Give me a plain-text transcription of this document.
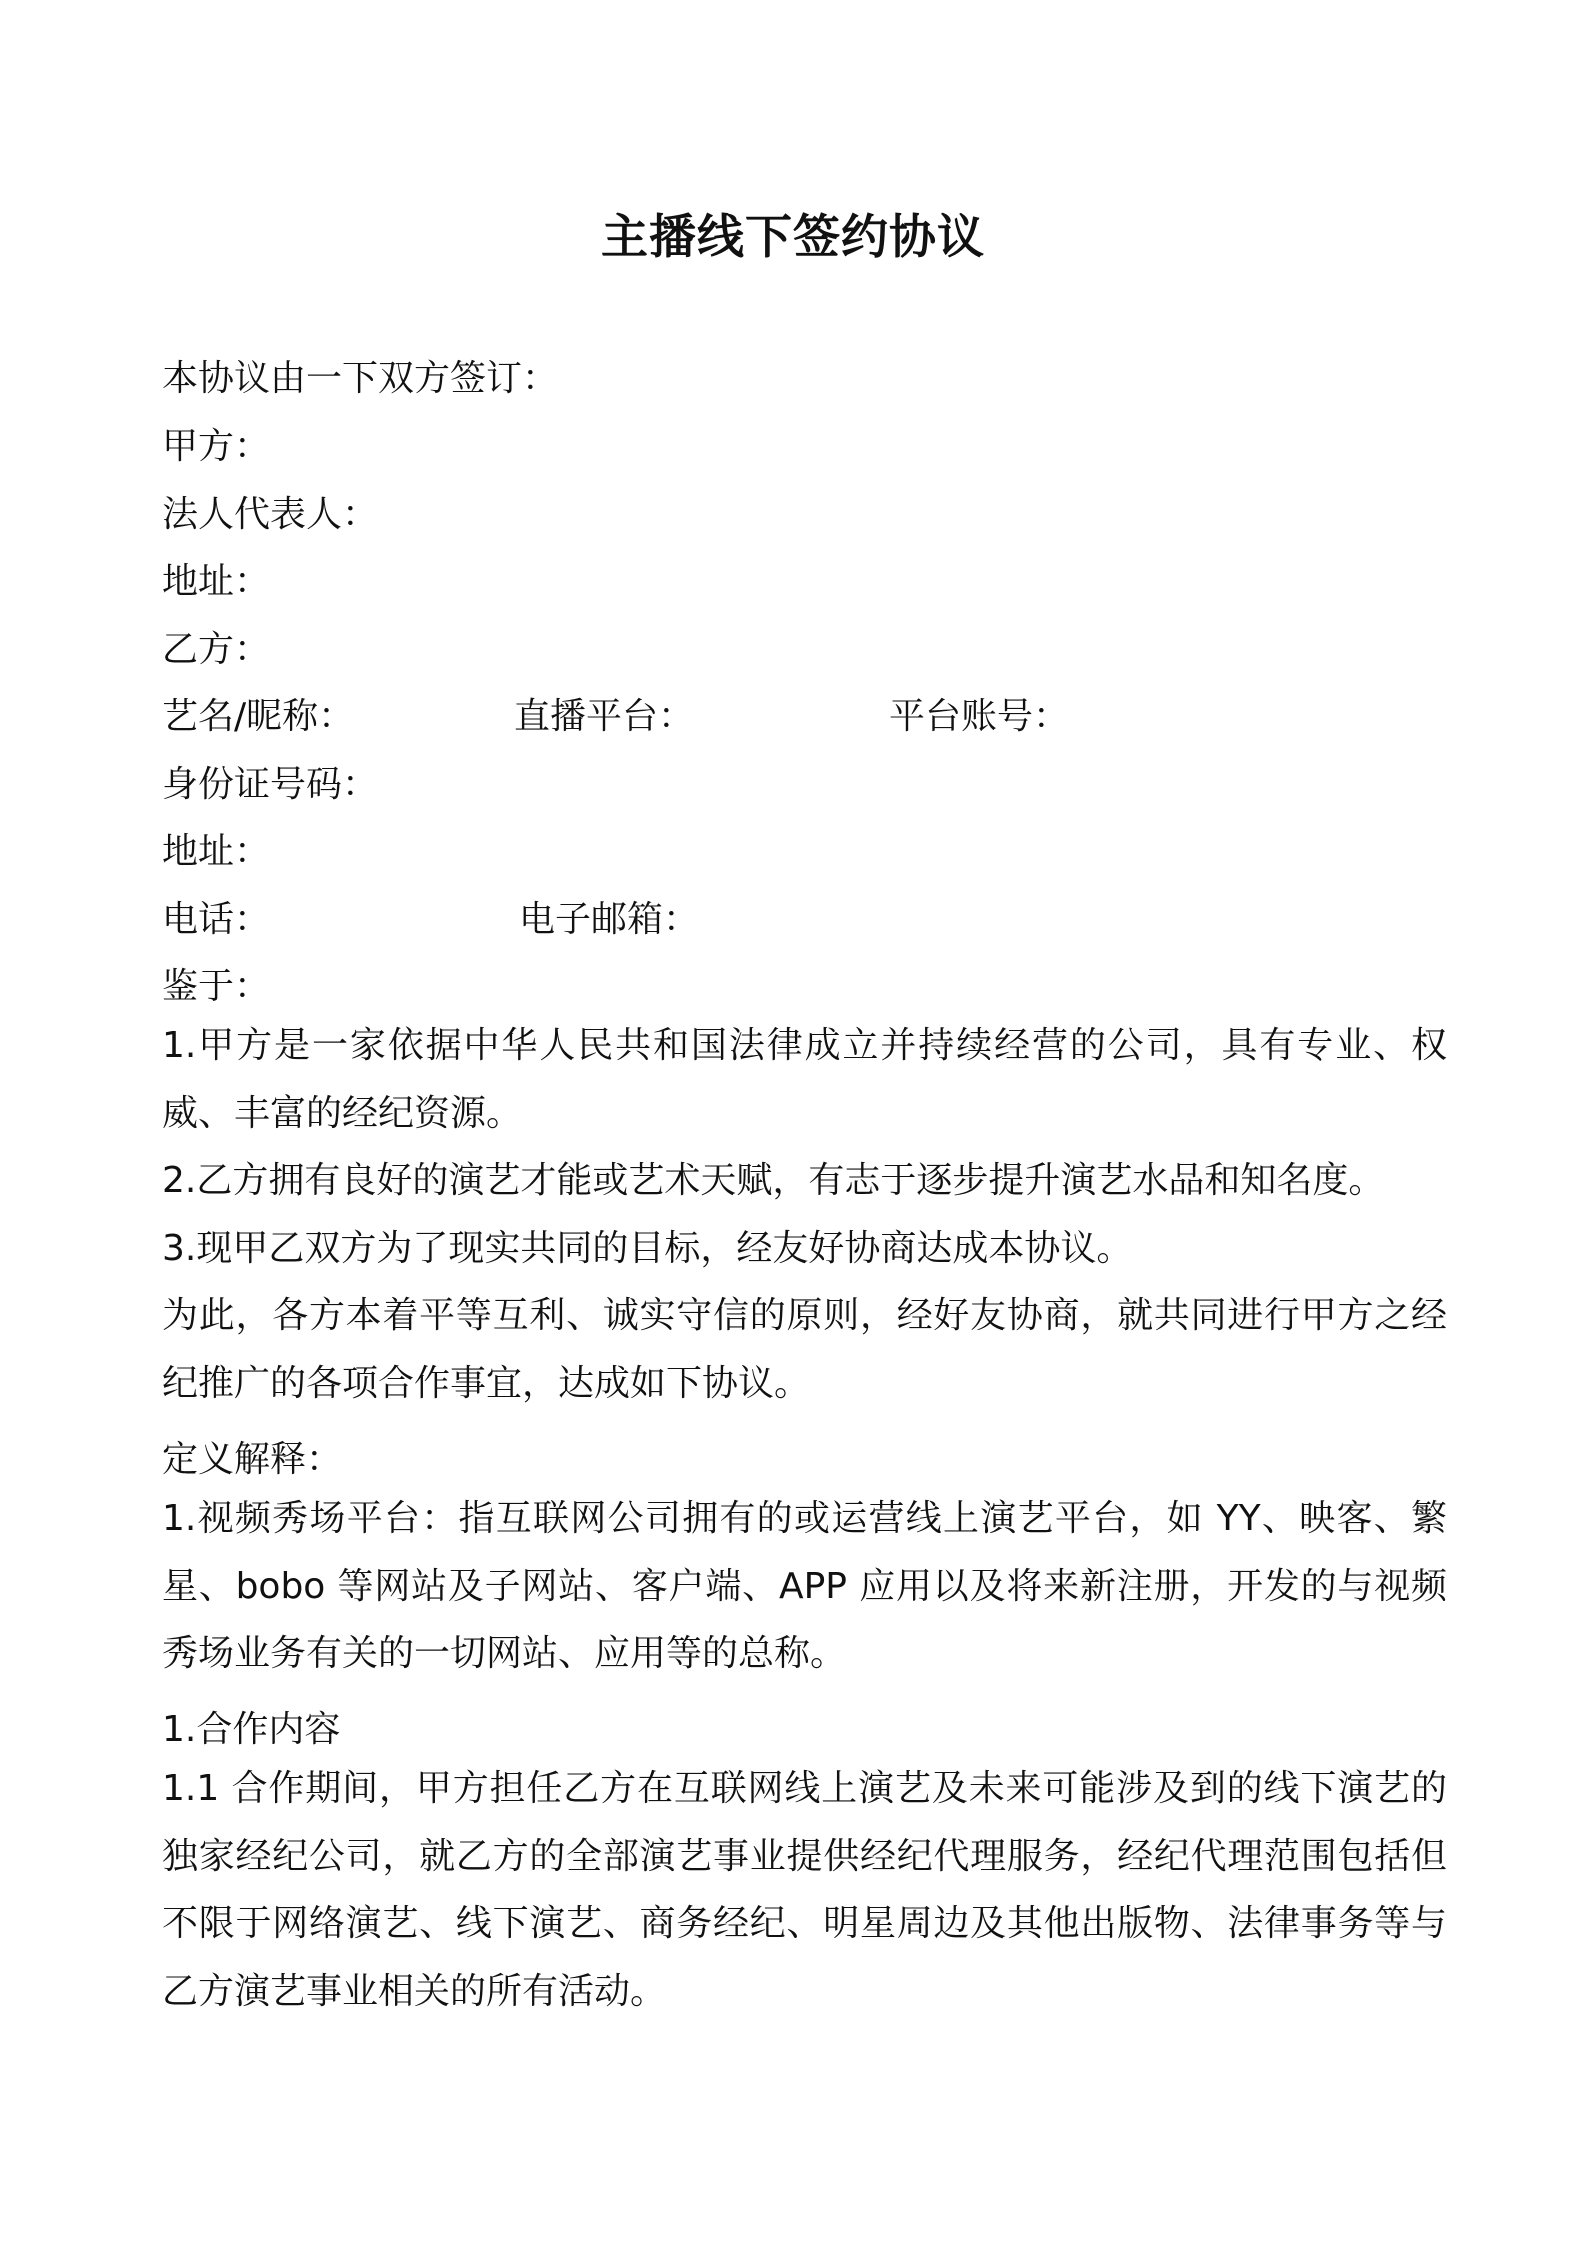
主播线下签约协议
本协议由一下双方签订：
甲方：
法人代表人：
地址：
乙方：
艺名/昵称：	直播平台：	平台账号：
身份证号码：
地址：
电话：	电子邮箱：
鉴于：
1.甲方是一家依据中华人民共和国法律成立并持续经营的公司，具有专业、权威、丰富的经纪资源。
2.乙方拥有良好的演艺才能或艺术天赋，有志于逐步提升演艺水品和知名度。
3.现甲乙双方为了现实共同的目标，经友好协商达成本协议。
为此，各方本着平等互利、诚实守信的原则，经好友协商，就共同进行甲方之经纪推广的各项合作事宜，达成如下协议。
定义解释：
1.视频秀场平台：指互联网公司拥有的或运营线上演艺平台，如 YY、映客、繁星、bobo 等网站及子网站、客户端、APP 应用以及将来新注册，开发的与视频秀场业务有关的一切网站、应用等的总称。
1.合作内容
1.1 合作期间，甲方担任乙方在互联网线上演艺及未来可能涉及到的线下演艺的独家经纪公司，就乙方的全部演艺事业提供经纪代理服务，经纪代理范围包括但不限于网络演艺、线下演艺、商务经纪、明星周边及其他出版物、法律事务等与乙方演艺事业相关的所有活动。
